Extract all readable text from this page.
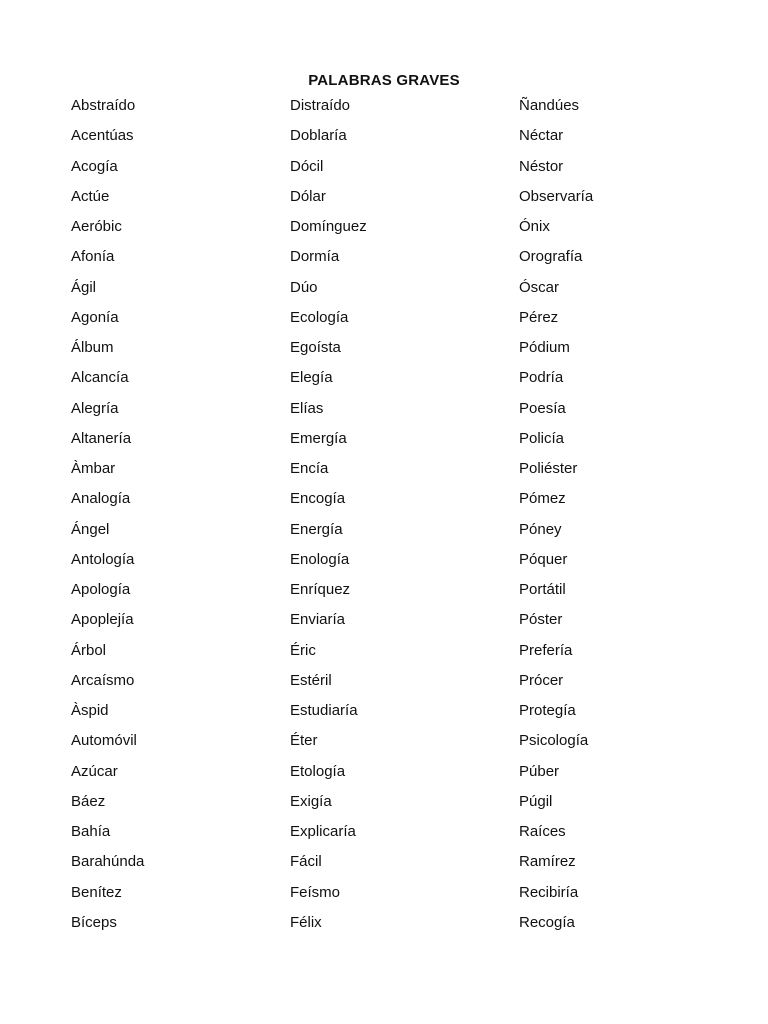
PALABRAS GRAVES
Abstraído
Acentúas
Acogía
Actúe
Aeróbic
Afonía
Ágil
Agonía
Álbum
Alcancía
Alegría
Altanería
Àmbar
Analogía
Ángel
Antología
Apología
Apoplejía
Árbol
Arcaísmo
Àspid
Automóvil
Azúcar
Báez
Bahía
Barahúnda
Benítez
Bíceps
Distraído
Doblaría
Dócil
Dólar
Domínguez
Dormía
Dúo
Ecología
Egoísta
Elegía
Elías
Emergía
Encía
Encogía
Energía
Enología
Enríquez
Enviaría
Éric
Estéril
Estudiaría
Éter
Etología
Exigía
Explicaría
Fácil
Feísmo
Félix
Ñandúes
Néctar
Néstor
Observaría
Ónix
Orografía
Óscar
Pérez
Pódium
Podría
Poesía
Policía
Poliéster
Pómez
Póney
Póquer
Portátil
Póster
Prefería
Prócer
Protegía
Psicología
Púber
Púgil
Raíces
Ramírez
Recibiría
Recogía
